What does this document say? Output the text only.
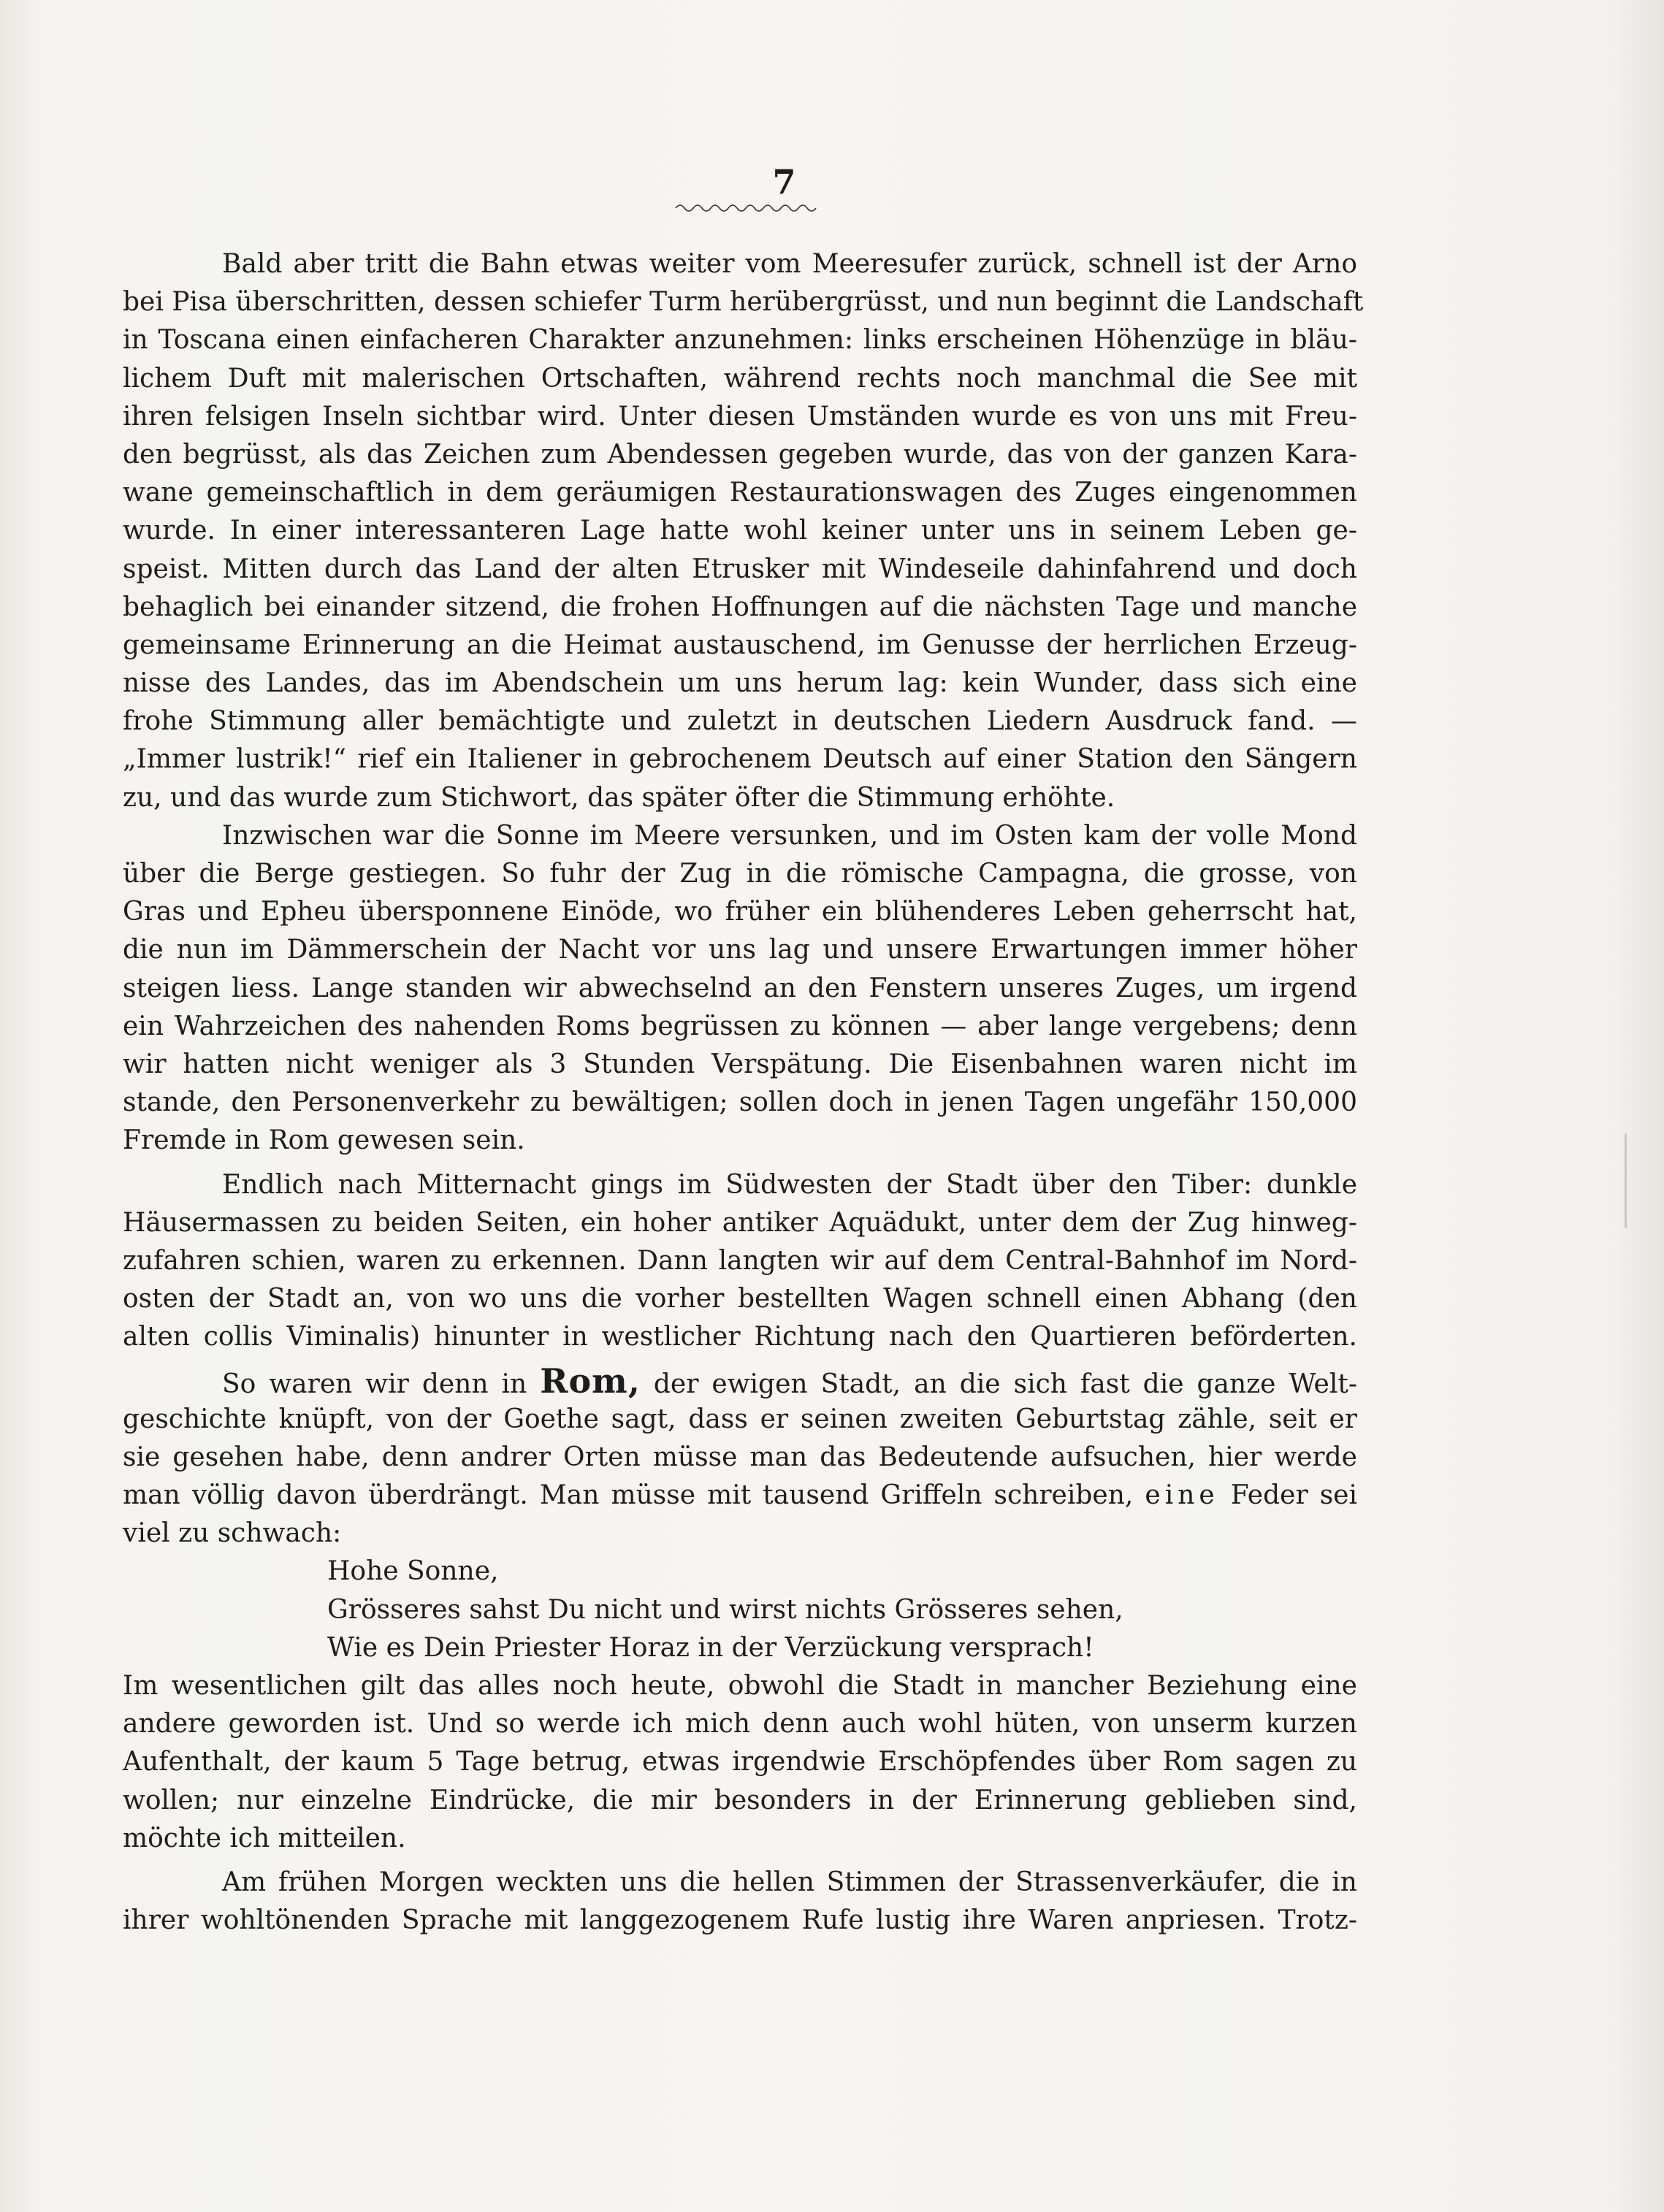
7
Bald aber tritt die Bahn etwas weiter vom Meeresufer zurück, schnell ist der Arno
bei Pisa überschritten, dessen schiefer Turm herübergrüsst, und nun beginnt die Landschaft
in Toscana einen einfacheren Charakter anzunehmen: links erscheinen Höhenzüge in bläu-
lichem Duft mit malerischen Ortschaften, während rechts noch manchmal die See mit
ihren felsigen Inseln sichtbar wird. Unter diesen Umständen wurde es von uns mit Freu-
den begrüsst, als das Zeichen zum Abendessen gegeben wurde, das von der ganzen Kara-
wane gemeinschaftlich in dem geräumigen Restaurationswagen des Zuges eingenommen
wurde. In einer interessanteren Lage hatte wohl keiner unter uns in seinem Leben ge-
speist. Mitten durch das Land der alten Etrusker mit Windeseile dahinfahrend und doch
behaglich bei einander sitzend, die frohen Hoffnungen auf die nächsten Tage und manche
gemeinsame Erinnerung an die Heimat austauschend, im Genusse der herrlichen Erzeug-
nisse des Landes, das im Abendschein um uns herum lag: kein Wunder, dass sich eine
frohe Stimmung aller bemächtigte und zuletzt in deutschen Liedern Ausdruck fand. —
„Immer lustrik!“ rief ein Italiener in gebrochenem Deutsch auf einer Station den Sängern
zu, und das wurde zum Stichwort, das später öfter die Stimmung erhöhte.
Inzwischen war die Sonne im Meere versunken, und im Osten kam der volle Mond
über die Berge gestiegen. So fuhr der Zug in die römische Campagna, die grosse, von
Gras und Epheu übersponnene Einöde, wo früher ein blühenderes Leben geherrscht hat,
die nun im Dämmerschein der Nacht vor uns lag und unsere Erwartungen immer höher
steigen liess. Lange standen wir abwechselnd an den Fenstern unseres Zuges, um irgend
ein Wahrzeichen des nahenden Roms begrüssen zu können — aber lange vergebens; denn
wir hatten nicht weniger als 3 Stunden Verspätung. Die Eisenbahnen waren nicht im
stande, den Personenverkehr zu bewältigen; sollen doch in jenen Tagen ungefähr 150,000
Fremde in Rom gewesen sein.
Endlich nach Mitternacht gings im Südwesten der Stadt über den Tiber: dunkle
Häusermassen zu beiden Seiten, ein hoher antiker Aquädukt, unter dem der Zug hinweg-
zufahren schien, waren zu erkennen. Dann langten wir auf dem Central-Bahnhof im Nord-
osten der Stadt an, von wo uns die vorher bestellten Wagen schnell einen Abhang (den
alten collis Viminalis) hinunter in westlicher Richtung nach den Quartieren beförderten.
So waren wir denn in Rom, der ewigen Stadt, an die sich fast die ganze Welt-
geschichte knüpft, von der Goethe sagt, dass er seinen zweiten Geburtstag zähle, seit er
sie gesehen habe, denn andrer Orten müsse man das Bedeutende aufsuchen, hier werde
man völlig davon überdrängt. Man müsse mit tausend Griffeln schreiben, eine Feder sei
viel zu schwach:
Hohe Sonne,
Grösseres sahst Du nicht und wirst nichts Grösseres sehen,
Wie es Dein Priester Horaz in der Verzückung versprach!
Im wesentlichen gilt das alles noch heute, obwohl die Stadt in mancher Beziehung eine
andere geworden ist. Und so werde ich mich denn auch wohl hüten, von unserm kurzen
Aufenthalt, der kaum 5 Tage betrug, etwas irgendwie Erschöpfendes über Rom sagen zu
wollen; nur einzelne Eindrücke, die mir besonders in der Erinnerung geblieben sind,
möchte ich mitteilen.
Am frühen Morgen weckten uns die hellen Stimmen der Strassenverkäufer, die in
ihrer wohltönenden Sprache mit langgezogenem Rufe lustig ihre Waren anpriesen. Trotz-
